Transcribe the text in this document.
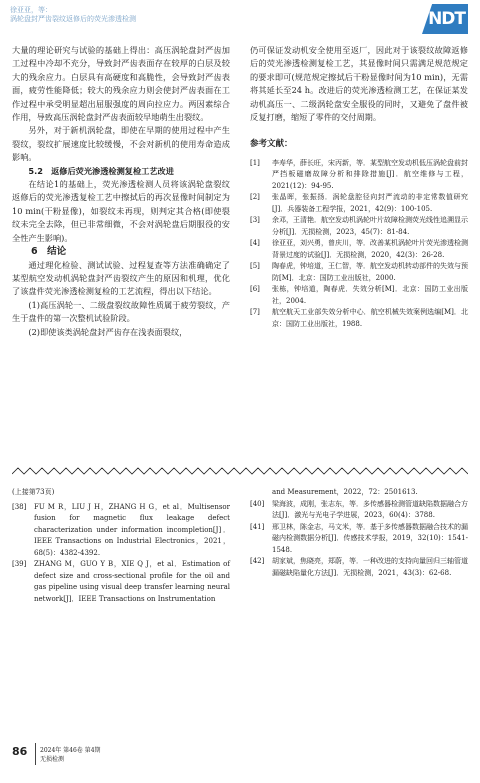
徐亚亚，等：
涡轮盘封严齿裂纹返修后的荧光渗透检测	NDT

大量的理论研究与试验的基础上得出：高压涡轮盘封严齿加工过程中冷却不充分，导致封严齿表面存在较厚的白层及较大的残余应力。白层具有高硬度和高脆性，会导致封严齿表面，疲劳性能降低；较大的残余应力则会使封严齿表面在工作过程中承受明显超出屈服强度的周向拉应力。两因素综合作用，导致高压涡轮盘封严齿表面较早地萌生出裂纹。

另外，对于新机涡轮盘，即使在早期的使用过程中产生裂纹，裂纹扩展速度比较缓慢，不会对新机的使用寿命造成影响。

5.2　返修后荧光渗透检测复检工艺改进

在结论1的基础上，荧光渗透检测人员将该涡轮盘裂纹返修后的荧光渗透复检工艺中擦拭后的再次显像时间制定为10 min(干粉显像)，如裂纹未再现，则判定其合格(即使裂纹未完全去除，但已非常细微，不会对涡轮盘后期服役的安全性产生影响)。

6　结论

通过理化检验、测试试验、过程复查等方法准确确定了某型航空发动机涡轮盘封严齿裂纹产生的原因和机理，优化了该盘件荧光渗透检测复检的工艺流程，得出以下结论。

(1)高压涡轮一、二级盘裂纹故障性质属于疲劳裂纹，产生于盘件的第一次整机试验阶段。

(2)即使该类涡轮盘封严齿存在浅表面裂纹，

仍可保证发动机安全使用至返厂，因此对于该裂纹故障返修后的荧光渗透检测复检工艺，其显像时间只需满足规范规定的要求即可(规范规定擦拭后干粉显像时间为10 min)，无需将其延长至24 h。改进后的荧光渗透检测工艺，在保证某发动机高压一、二级涡轮盘安全服役的同时，又避免了盘件被反复打磨，缩短了零件的交付周期。

参考文献：
[1]	李寿华，薛长旺，宋丙新，等．某型航空发动机低压涡轮盘前封严挡板磁磨故障分析和排除措施[J]．航空维修与工程，2021(12)：94-95.
[2]	张晶晖，张振扬．涡轮盘腔径向封严流动的非定常数值研究[J]．兵器装备工程学报，2021，42(9)：100-105.
[3]	余邓，王清艳．航空发动机涡轮叶片故障检测荧光线性追溯显示分析[J]．无损检测，2023，45(7)：81-84.
[4]	徐亚亚，刘兴勇，曾庆川，等．改善某机涡轮叶片荧光渗透检测背景过度的试验[J]．无损检测，2020，42(3)：26-28.
[5]	陶春虎，钟培道，王仁智，等．航空发动机转动部件的失效与预防[M]．北京：国防工业出版社，2000.
[6]	张栋，钟培道，陶春虎．失效分析[M]．北京：国防工业出版社，2004.
[7]	航空航天工业部失效分析中心．航空机械失效案例选编[M]．北京：国防工业出版社，1988.
(上接第73页)
[38]	FU M R，LIU J H，ZHANG H G，et al．Multisensor fusion for magnetic flux leakage defect characterization under information incompletion[J]．IEEE Transactions on Industrial Electronics，2021，68(5)：4382-4392.
[39]	ZHANG M，GUO Y B，XIE Q J，et al．Estimation of defect size and cross-sectional profile for the oil and gas pipeline using visual deep transfer learning neural network[J]．IEEE Transactions on Instrumentation
and Measurement，2022，72：2501613.
[40]	梁海波，成刚，张志东，等．多传感器检测管道缺陷数据融合方法[J]．激光与光电子学进展，2023，60(4)：3788.
[41]	邢卫林，陈金志，马文米，等．基于多传感器数据融合技术的漏磁内检测数据分析[J]．传感技术学报，2019，32(10)：1541-1548.
[42]	胡家斌，焦晓亮，郑蔚，等．一种改进的支持向量回归三轴管道漏磁缺陷量化方法[J]．无损检测，2021，43(3)：62-68.
86 2024年 第46卷 第4期
无损检测
